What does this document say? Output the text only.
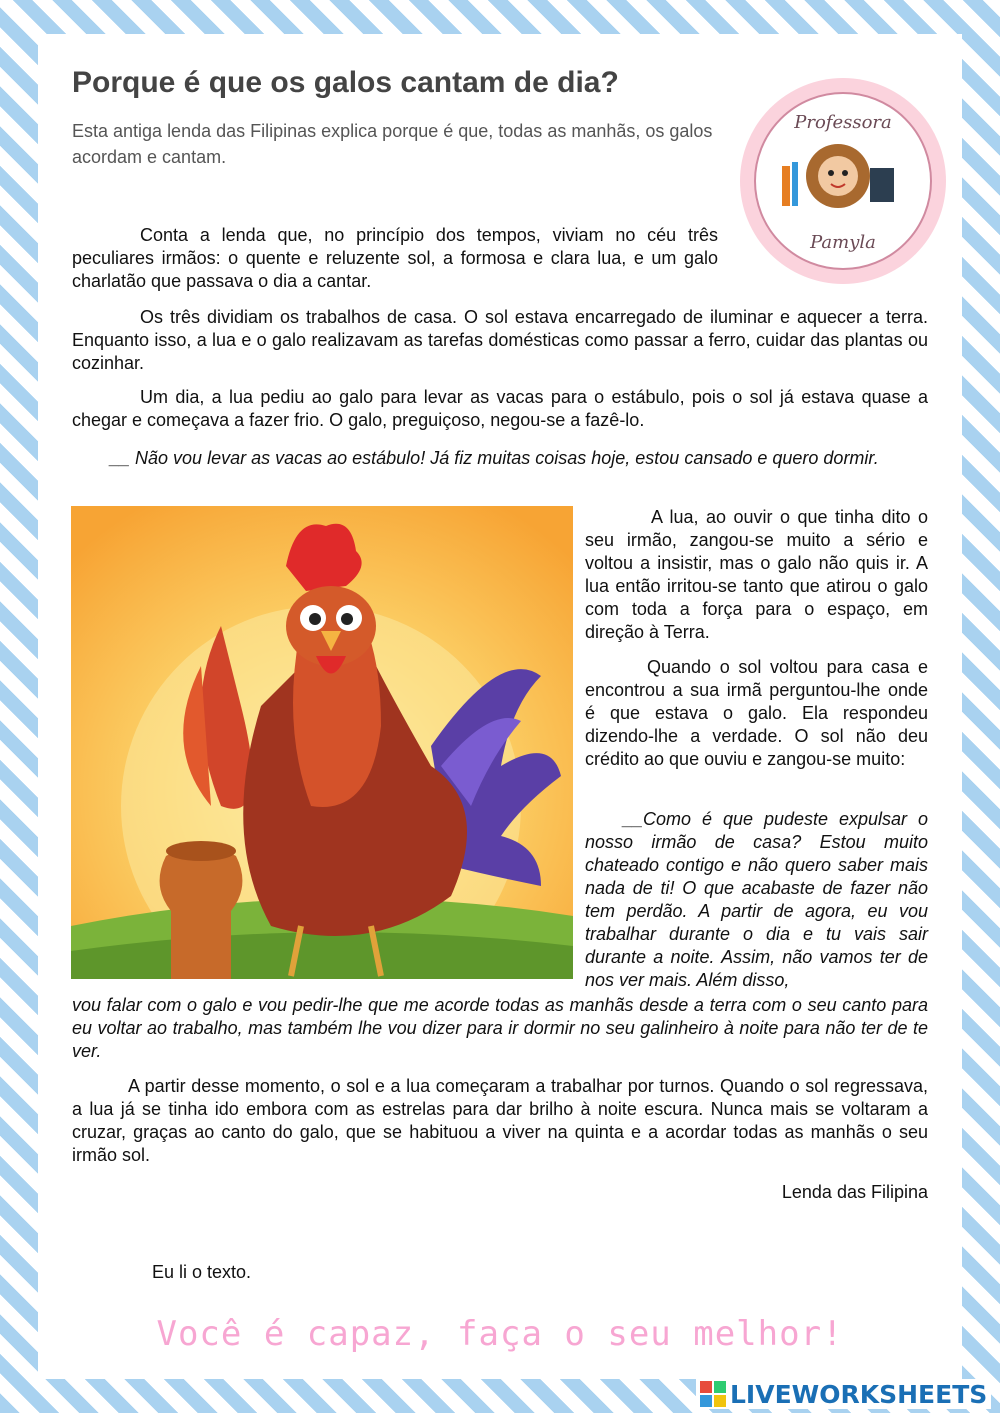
Porque é que os galos cantam de dia?

Esta antiga lenda das Filipinas explica porque é que, todas as manhãs, os galos acordam e cantam.

Professora
Pamyla

Conta a lenda que, no princípio dos tempos, viviam no céu três peculiares irmãos: o quente e reluzente sol, a formosa e clara lua, e um galo charlatão que passava o dia a cantar.

Os três dividiam os trabalhos de casa. O sol estava encarregado de iluminar e aquecer a terra. Enquanto isso, a lua e o galo realizavam as tarefas domésticas como passar a ferro, cuidar das plantas ou cozinhar.

Um dia, a lua pediu ao galo para levar as vacas para o estábulo, pois o sol já estava quase a chegar e começava a fazer frio. O galo, preguiçoso, negou-se a fazê-lo.

__ Não vou levar as vacas ao estábulo! Já fiz muitas coisas hoje, estou cansado e quero dormir.

A lua, ao ouvir o que tinha dito o seu irmão, zangou-se muito a sério e voltou a insistir, mas o galo não quis ir. A lua então irritou-se tanto que atirou o galo com toda a força para o espaço, em direção à Terra.

Quando o sol voltou para casa e encontrou a sua irmã perguntou-lhe onde é que estava o galo. Ela respondeu dizendo-lhe a verdade. O sol não deu crédito ao que ouviu e zangou-se muito:

__Como é que pudeste expulsar o nosso irmão de casa? Estou muito chateado contigo e não quero saber mais nada de ti! O que acabaste de fazer não tem perdão. A partir de agora, eu vou trabalhar durante o dia e tu vais sair durante a noite. Assim, não vamos ter de nos ver mais. Além disso,

vou falar com o galo e vou pedir-lhe que me acorde todas as manhãs desde a terra com o seu canto para eu voltar ao trabalho, mas também lhe vou dizer para ir dormir no seu galinheiro à noite para não ter de te ver.

A partir desse momento, o sol e a lua começaram a trabalhar por turnos. Quando o sol regressava, a lua já se tinha ido embora com as estrelas para dar brilho à noite escura. Nunca mais se voltaram a cruzar, graças ao canto do galo, que se habituou a viver na quinta e a acordar todas as manhãs o seu irmão sol.

Lenda das Filipina

Eu li o texto.

Você é capaz, faça o seu melhor!

LIVEWORKSHEETS
